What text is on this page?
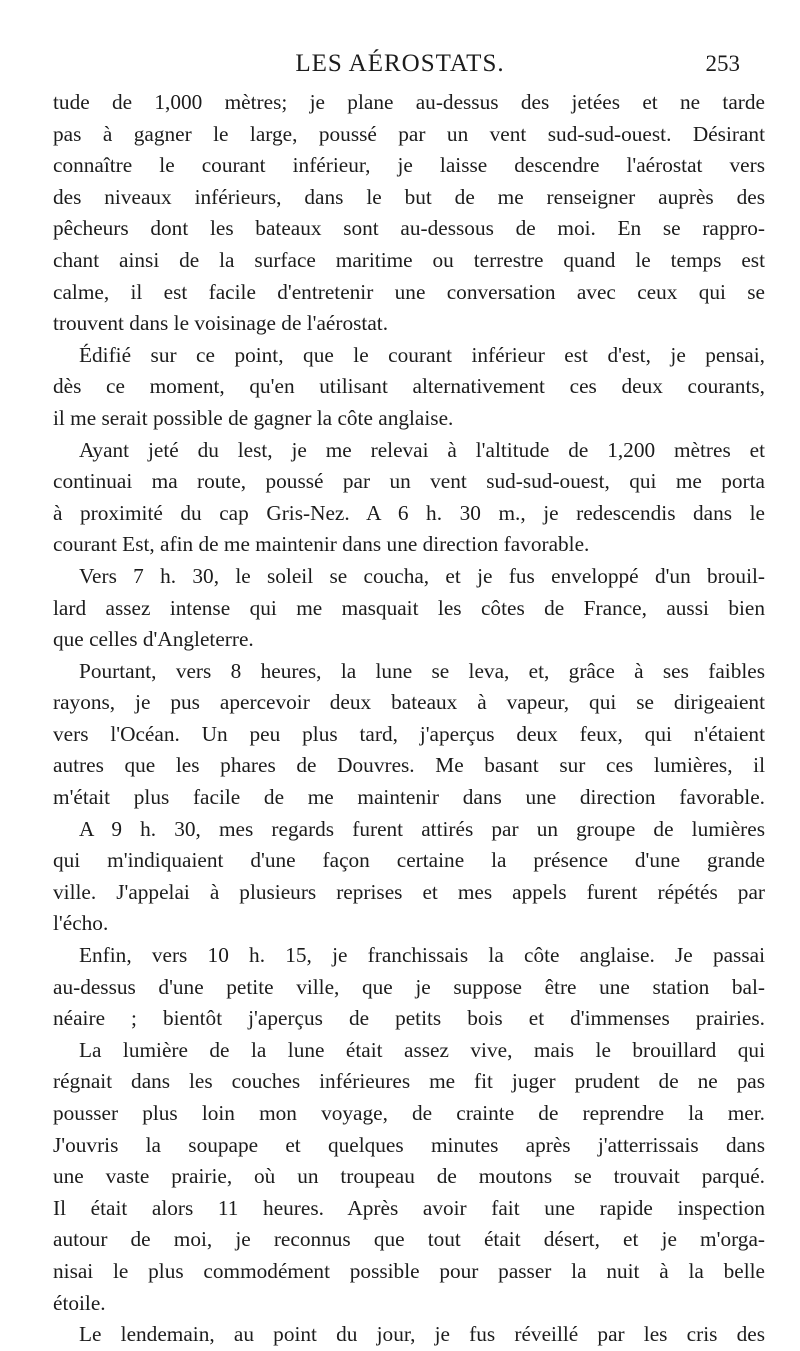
LES AÉROSTATS.	253
tude de 1,000 mètres; je plane au-dessus des jetées et ne tarde
pas à gagner le large, poussé par un vent sud-sud-ouest. Désirant
connaître le courant inférieur, je laisse descendre l'aérostat vers
des niveaux inférieurs, dans le but de me renseigner auprès des
pêcheurs dont les bateaux sont au-dessous de moi. En se rappro-
chant ainsi de la surface maritime ou terrestre quand le temps est
calme, il est facile d'entretenir une conversation avec ceux qui se
trouvent dans le voisinage de l'aérostat.
Édifié sur ce point, que le courant inférieur est d'est, je pensai,
dès ce moment, qu'en utilisant alternativement ces deux courants,
il me serait possible de gagner la côte anglaise.
Ayant jeté du lest, je me relevai à l'altitude de 1,200 mètres et
continuai ma route, poussé par un vent sud-sud-ouest, qui me porta
à proximité du cap Gris-Nez. A 6 h. 30 m., je redescendis dans le
courant Est, afin de me maintenir dans une direction favorable.
Vers 7 h. 30, le soleil se coucha, et je fus enveloppé d'un brouil-
lard assez intense qui me masquait les côtes de France, aussi bien
que celles d'Angleterre.
Pourtant, vers 8 heures, la lune se leva, et, grâce à ses faibles
rayons, je pus apercevoir deux bateaux à vapeur, qui se dirigeaient
vers l'Océan. Un peu plus tard, j'aperçus deux feux, qui n'étaient
autres que les phares de Douvres. Me basant sur ces lumières, il
m'était plus facile de me maintenir dans une direction favorable.
A 9 h. 30, mes regards furent attirés par un groupe de lumières
qui m'indiquaient d'une façon certaine la présence d'une grande
ville. J'appelai à plusieurs reprises et mes appels furent répétés par
l'écho.
Enfin, vers 10 h. 15, je franchissais la côte anglaise. Je passai
au-dessus d'une petite ville, que je suppose être une station bal-
néaire ; bientôt j'aperçus de petits bois et d'immenses prairies.
La lumière de la lune était assez vive, mais le brouillard qui
régnait dans les couches inférieures me fit juger prudent de ne pas
pousser plus loin mon voyage, de crainte de reprendre la mer.
J'ouvris la soupape et quelques minutes après j'atterrissais dans
une vaste prairie, où un troupeau de moutons se trouvait parqué.
Il était alors 11 heures. Après avoir fait une rapide inspection
autour de moi, je reconnus que tout était désert, et je m'orga-
nisai le plus commodément possible pour passer la nuit à la belle
étoile.
Le lendemain, au point du jour, je fus réveillé par les cris des
